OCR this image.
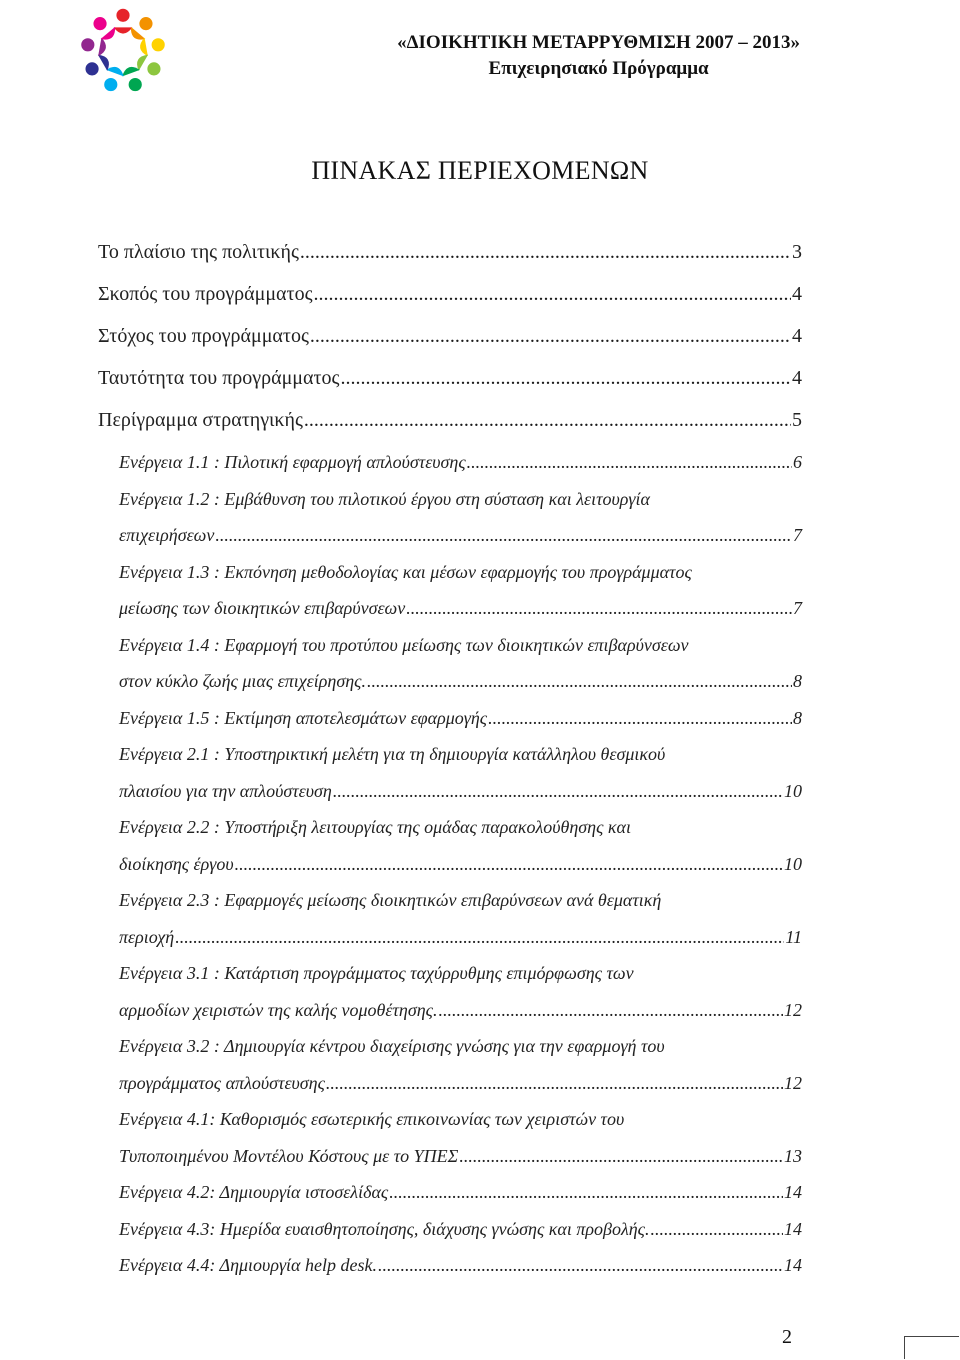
«ΔΙΟΙΚΗΤΙΚΗ ΜΕΤΑΡΡΥΘΜΙΣΗ 2007 – 2013»
Επιχειρησιακό Πρόγραμμα
ΠΙΝΑΚΑΣ ΠΕΡΙΕΧΟΜΕΝΩΝ
Το πλαίσιο της πολιτικής .....	3
Σκοπός του προγράμματος .....	4
Στόχος του προγράμματος .....	4
Ταυτότητα του προγράμματος .....	4
Περίγραμμα στρατηγικής .....	5
Ενέργεια 1.1 : Πιλοτική εφαρμογή απλούστευσης .....	6
Ενέργεια 1.2 : Εμβάθυνση του πιλοτικού έργου στη σύσταση και λειτουργία
επιχειρήσεων .....	7
Ενέργεια 1.3 : Εκπόνηση μεθοδολογίας και μέσων εφαρμογής του προγράμματος
μείωσης των διοικητικών επιβαρύνσεων .....	7
Ενέργεια 1.4 : Εφαρμογή του προτύπου μείωσης των διοικητικών επιβαρύνσεων
στον κύκλο ζωής μιας επιχείρησης. .....	8
Ενέργεια 1.5 : Εκτίμηση αποτελεσμάτων εφαρμογής .....	8
Ενέργεια 2.1 : Υποστηρικτική μελέτη για τη δημιουργία κατάλληλου θεσμικού
πλαισίου για την απλούστευση .....	10
Ενέργεια 2.2 : Υποστήριξη λειτουργίας της ομάδας παρακολούθησης και
διοίκησης έργου .....	10
Ενέργεια 2.3 : Εφαρμογές μείωσης διοικητικών επιβαρύνσεων ανά θεματική
περιοχή .....	11
Ενέργεια 3.1 : Κατάρτιση προγράμματος ταχύρρυθμης επιμόρφωσης των
αρμοδίων χειριστών της καλής νομοθέτησης. .....	12
Ενέργεια 3.2 : Δημιουργία κέντρου διαχείρισης γνώσης για την εφαρμογή του
προγράμματος απλούστευσης .....	12
Ενέργεια 4.1: Καθορισμός εσωτερικής επικοινωνίας των χειριστών του
Τυποποιημένου Μοντέλου Κόστους με το ΥΠΕΣ .....	13
Ενέργεια 4.2: Δημιουργία ιστοσελίδας .....	14
Ενέργεια 4.3: Ημερίδα ευαισθητοποίησης, διάχυσης γνώσης και προβολής. .....	14
Ενέργεια 4.4: Δημιουργία help desk. .....	14
2
